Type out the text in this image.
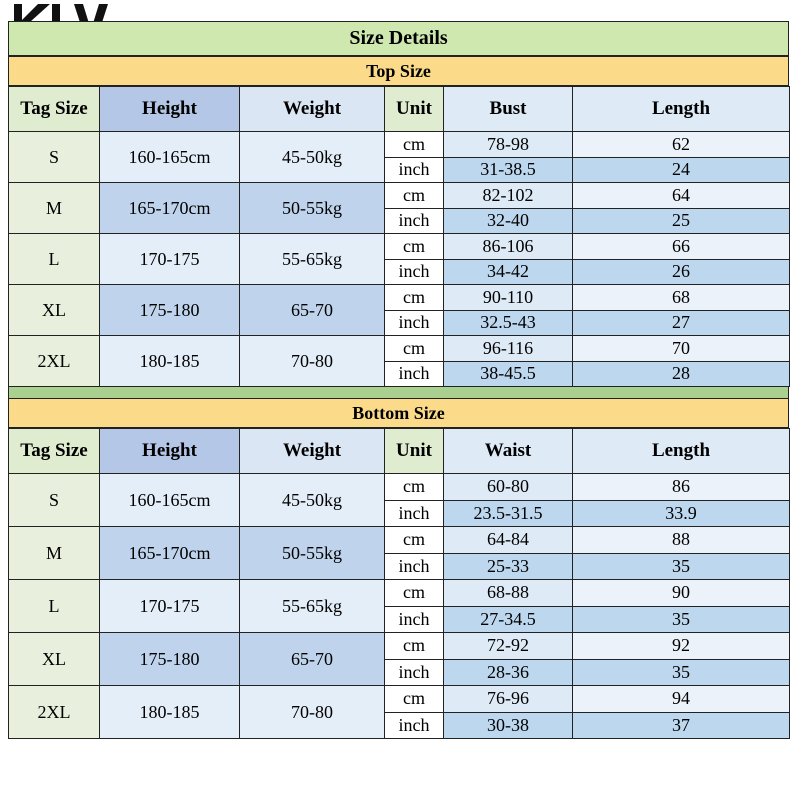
Size Details
Top Size
Tag Size	Height	Weight	Unit	Bust	Length
S	160-165cm	45-50kg	cm	78-98	62
			inch	31-38.5	24
M	165-170cm	50-55kg	cm	82-102	64
			inch	32-40	25
L	170-175	55-65kg	cm	86-106	66
			inch	34-42	26
XL	175-180	65-70	cm	90-110	68
			inch	32.5-43	27
2XL	180-185	70-80	cm	96-116	70
			inch	38-45.5	28
Bottom Size
Tag Size	Height	Weight	Unit	Waist	Length
S	160-165cm	45-50kg	cm	60-80	86
			inch	23.5-31.5	33.9
M	165-170cm	50-55kg	cm	64-84	88
			inch	25-33	35
L	170-175	55-65kg	cm	68-88	90
			inch	27-34.5	35
XL	175-180	65-70	cm	72-92	92
			inch	28-36	35
2XL	180-185	70-80	cm	76-96	94
			inch	30-38	37
